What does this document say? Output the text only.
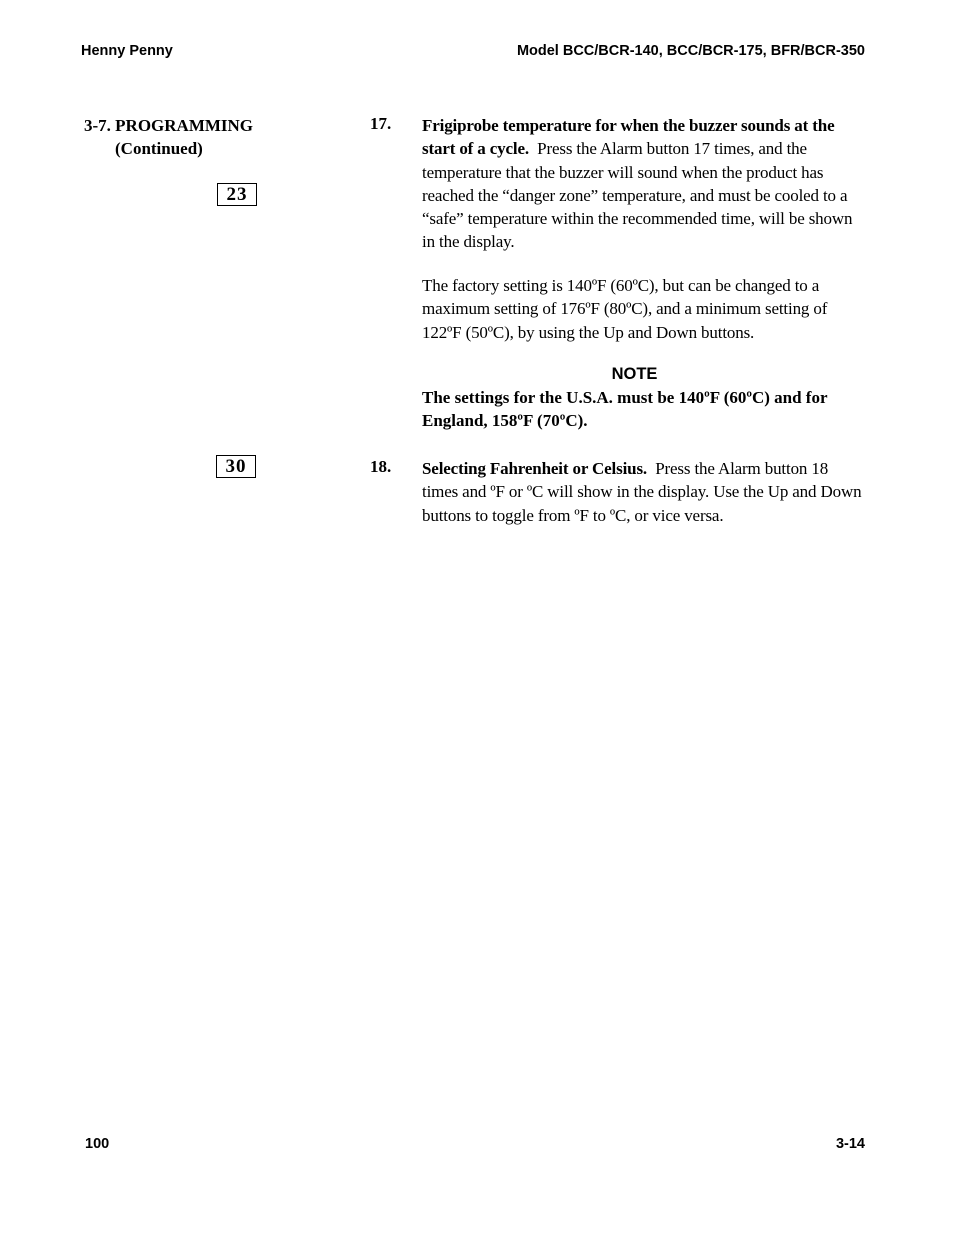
Henny Penny	Model BCC/BCR-140, BCC/BCR-175, BFR/BCR-350
3-7. PROGRAMMING
(Continued)
23
30
17. Frigiprobe temperature for when the buzzer sounds at the start of a cycle. Press the Alarm button 17 times, and the temperature that the buzzer will sound when the product has reached the “danger zone” temperature, and must be cooled to a “safe” temperature within the recommended time, will be shown in the display.
The factory setting is 140ºF (60ºC), but can be changed to a maximum setting of 176ºF (80ºC), and a minimum setting of 122ºF (50ºC), by using the Up and Down buttons.
NOTE
The settings for the U.S.A. must be 140ºF (60ºC) and for England, 158ºF (70ºC).
18. Selecting Fahrenheit or Celsius. Press the Alarm button 18 times and ºF or ºC will show in the display. Use the Up and Down buttons to toggle from ºF to ºC, or vice versa.
100	3-14
